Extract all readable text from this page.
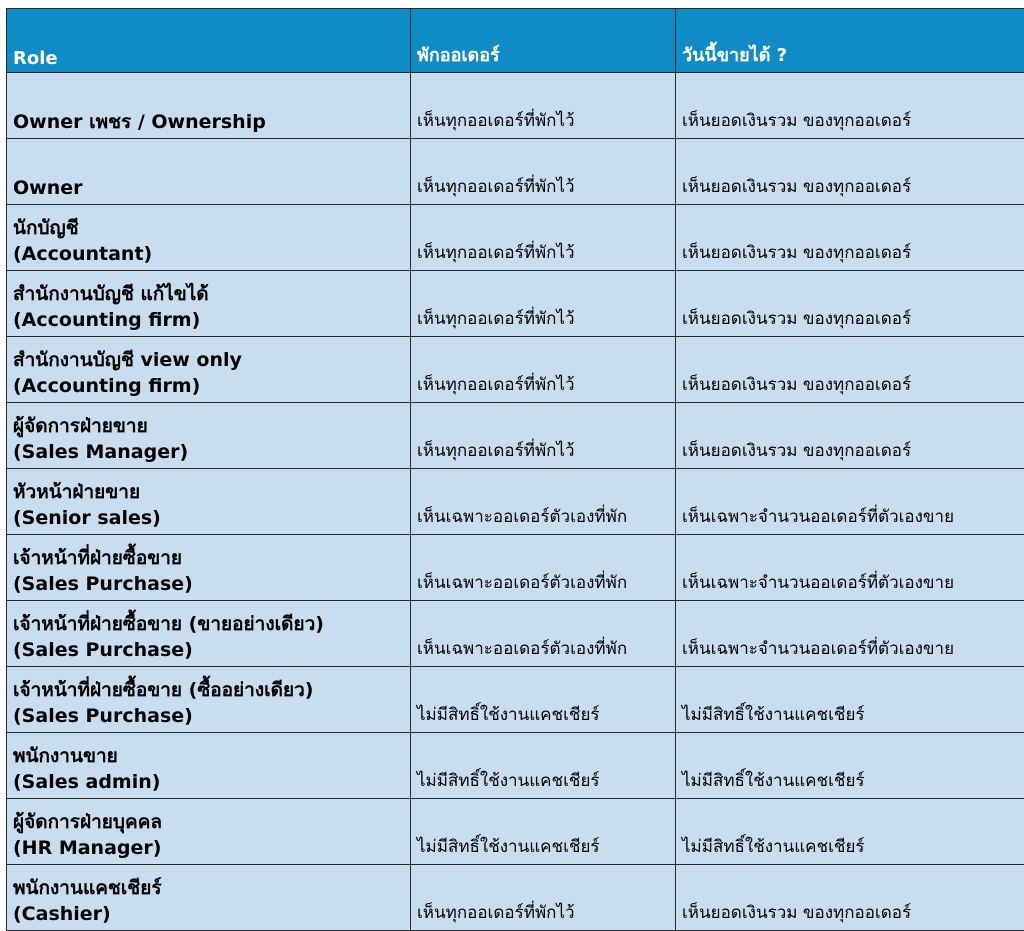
Role	พักออเดอร์	วันนี้ขายได้ ?

Owner เพชร / Ownership	เห็นทุกออเดอร์ที่พักไว้	เห็นยอดเงินรวม ของทุกออเดอร์

Owner	เห็นทุกออเดอร์ที่พักไว้	เห็นยอดเงินรวม ของทุกออเดอร์

นักบัญชี
(Accountant)	เห็นทุกออเดอร์ที่พักไว้	เห็นยอดเงินรวม ของทุกออเดอร์

สำนักงานบัญชี แก้ไขได้
(Accounting firm)	เห็นทุกออเดอร์ที่พักไว้	เห็นยอดเงินรวม ของทุกออเดอร์

สำนักงานบัญชี view only
(Accounting firm)	เห็นทุกออเดอร์ที่พักไว้	เห็นยอดเงินรวม ของทุกออเดอร์

ผู้จัดการฝ่ายขาย
(Sales Manager)	เห็นทุกออเดอร์ที่พักไว้	เห็นยอดเงินรวม ของทุกออเดอร์

หัวหน้าฝ่ายขาย
(Senior sales)	เห็นเฉพาะออเดอร์ตัวเองที่พัก	เห็นเฉพาะจำนวนออเดอร์ที่ตัวเองขาย

เจ้าหน้าที่ฝ่ายซื้อขาย
(Sales Purchase)	เห็นเฉพาะออเดอร์ตัวเองที่พัก	เห็นเฉพาะจำนวนออเดอร์ที่ตัวเองขาย

เจ้าหน้าที่ฝ่ายซื้อขาย (ขายอย่างเดียว)
(Sales Purchase)	เห็นเฉพาะออเดอร์ตัวเองที่พัก	เห็นเฉพาะจำนวนออเดอร์ที่ตัวเองขาย

เจ้าหน้าที่ฝ่ายซื้อขาย (ซื้ออย่างเดียว)
(Sales Purchase)	ไม่มีสิทธิ์ใช้งานแคชเชียร์	ไม่มีสิทธิ์ใช้งานแคชเชียร์

พนักงานขาย
(Sales admin)	ไม่มีสิทธิ์ใช้งานแคชเชียร์	ไม่มีสิทธิ์ใช้งานแคชเชียร์

ผู้จัดการฝ่ายบุคคล
(HR Manager)	ไม่มีสิทธิ์ใช้งานแคชเชียร์	ไม่มีสิทธิ์ใช้งานแคชเชียร์

พนักงานแคชเชียร์
(Cashier)	เห็นทุกออเดอร์ที่พักไว้	เห็นยอดเงินรวม ของทุกออเดอร์
